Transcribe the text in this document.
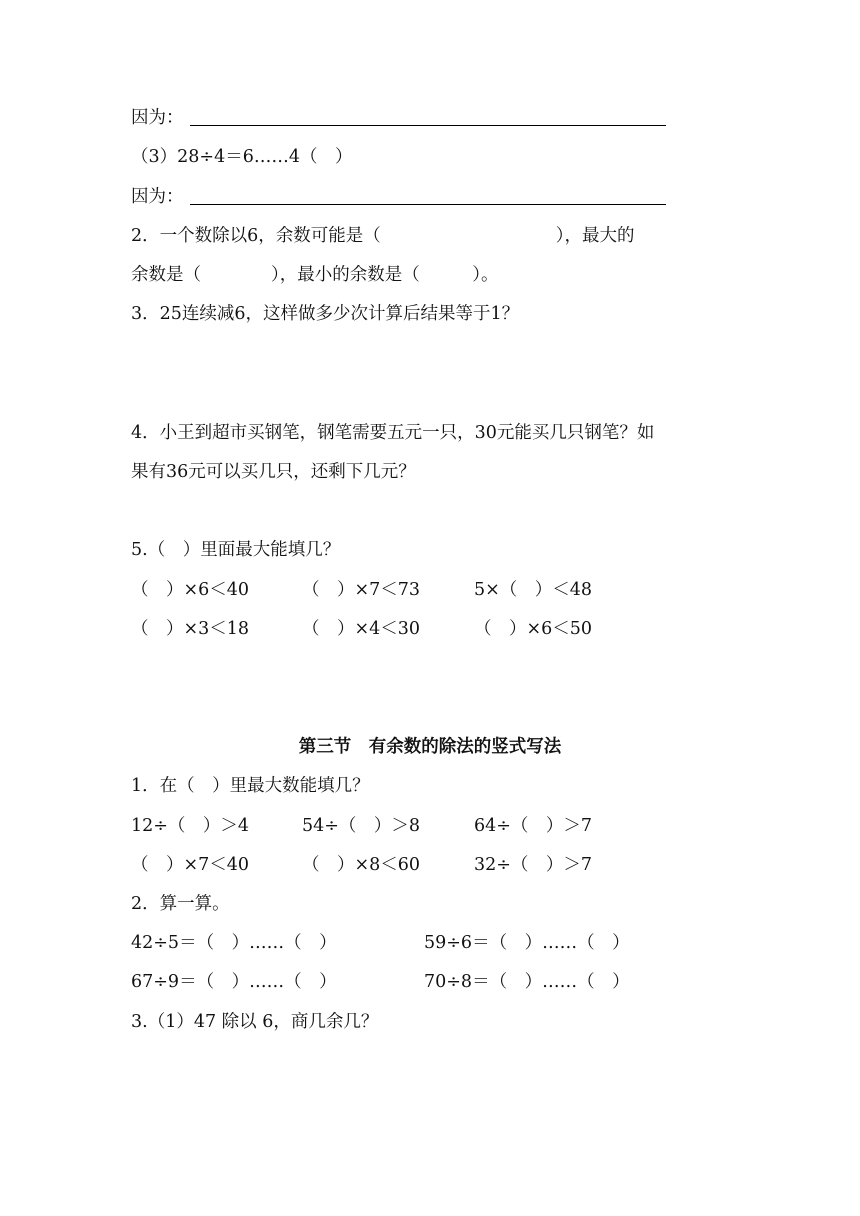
因为：
（3）28÷4＝6……4（　）
因为：
2．一个数除以6，余数可能是（　　　　　　　　　　），最大的
余数是（　　　　），最小的余数是（　　　）。
3．25连续减6，这样做多少次计算后结果等于1？
4．小王到超市买钢笔，钢笔需要五元一只，30元能买几只钢笔？如
果有36元可以买几只，还剩下几元？
5.（　）里面最大能填几？
（　）×6＜40	（　）×7＜73	5×（　）＜48
（　）×3＜18	（　）×4＜30	（　）×6＜50
第三节　有余数的除法的竖式写法
1．在（　）里最大数能填几？
12÷（　）＞4	54÷（　）＞8	64÷（　）＞7
（　）×7＜40	（　）×8＜60	32÷（　）＞7
2．算一算。
42÷5＝（　）……（　）	59÷6＝（　）……（　）
67÷9＝（　）……（　）	70÷8＝（　）……（　）
3.（1）47 除以 6，商几余几？
